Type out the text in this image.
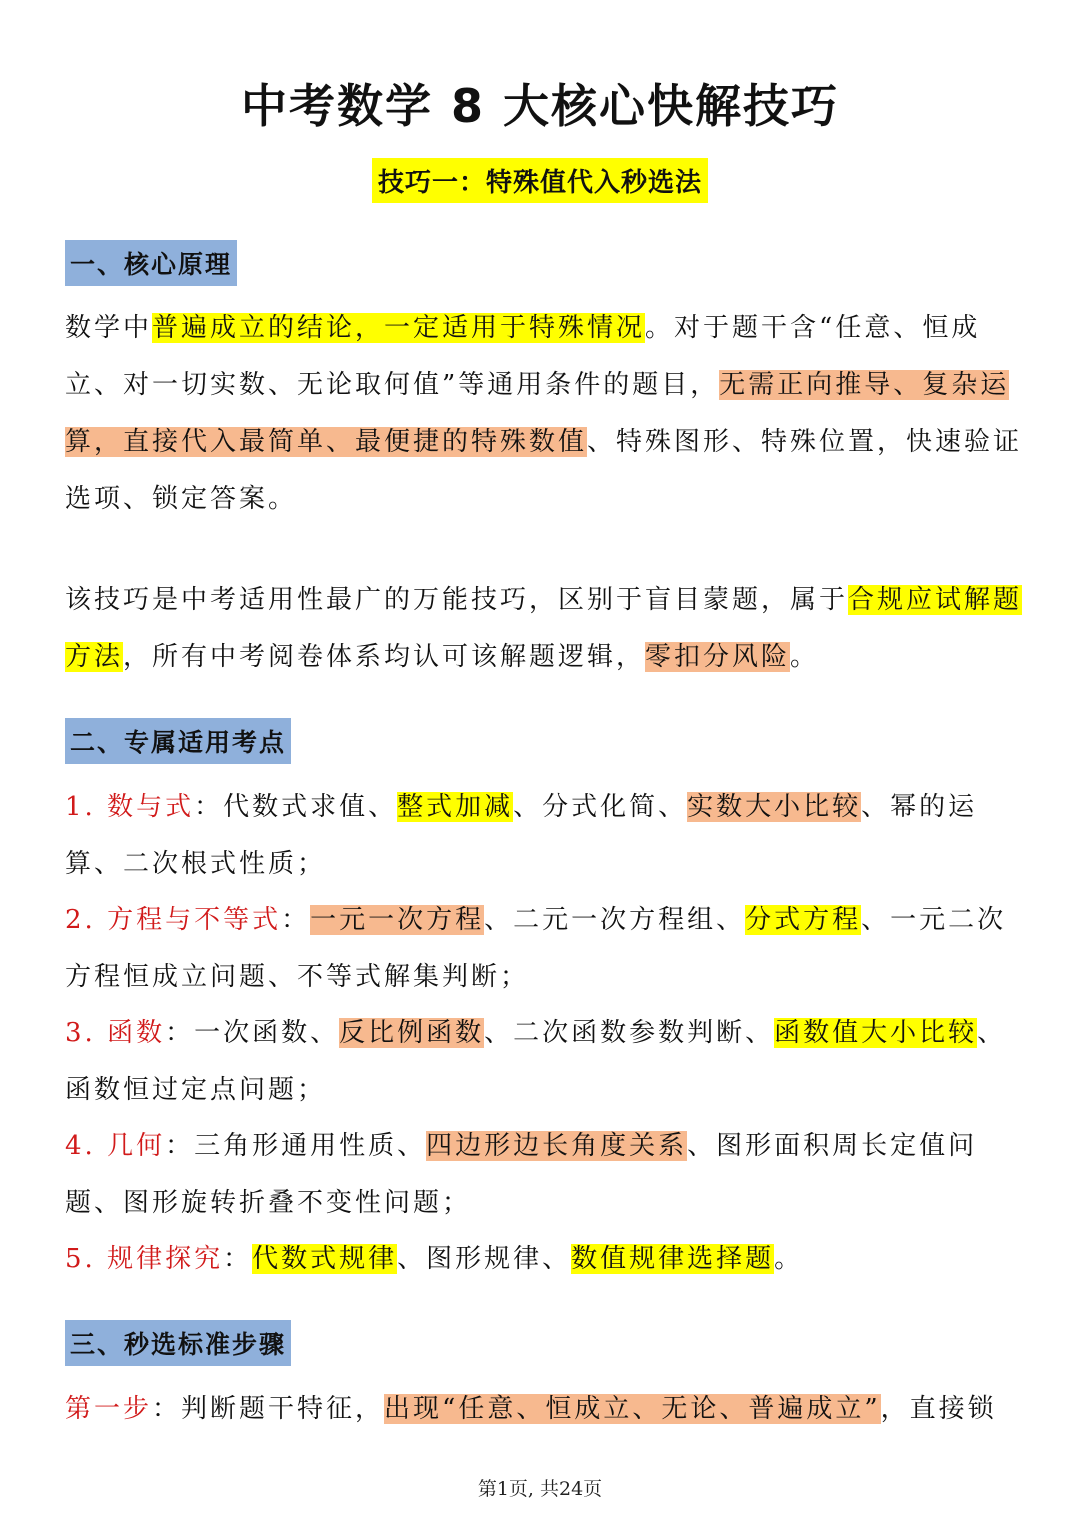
中考数学 8 大核心快解技巧
技巧一：特殊值代入秒选法
一、核心原理

数学中普遍成立的结论，一定适用于特殊情况。对于题干含“任意、恒成立、对一切实数、无论取何值”等通用条件的题目，无需正向推导、复杂运算，直接代入最简单、最便捷的特殊数值、特殊图形、特殊位置，快速验证选项、锁定答案。

该技巧是中考适用性最广的万能技巧，区别于盲目蒙题，属于合规应试解题方法，所有中考阅卷体系均认可该解题逻辑，零扣分风险。

二、专属适用考点

1. 数与式：代数式求值、整式加减、分式化简、实数大小比较、幂的运算、二次根式性质；

2. 方程与不等式：一元一次方程、二元一次方程组、分式方程、一元二次方程恒成立问题、不等式解集判断；

3. 函数：一次函数、反比例函数、二次函数参数判断、函数值大小比较、函数恒过定点问题；

4. 几何：三角形通用性质、四边形边长角度关系、图形面积周长定值问题、图形旋转折叠不变性问题；

5. 规律探究：代数式规律、图形规律、数值规律选择题。

三、秒选标准步骤

第一步：判断题干特征，出现“任意、恒成立、无论、普遍成立”，直接锁

第1页, 共24页
